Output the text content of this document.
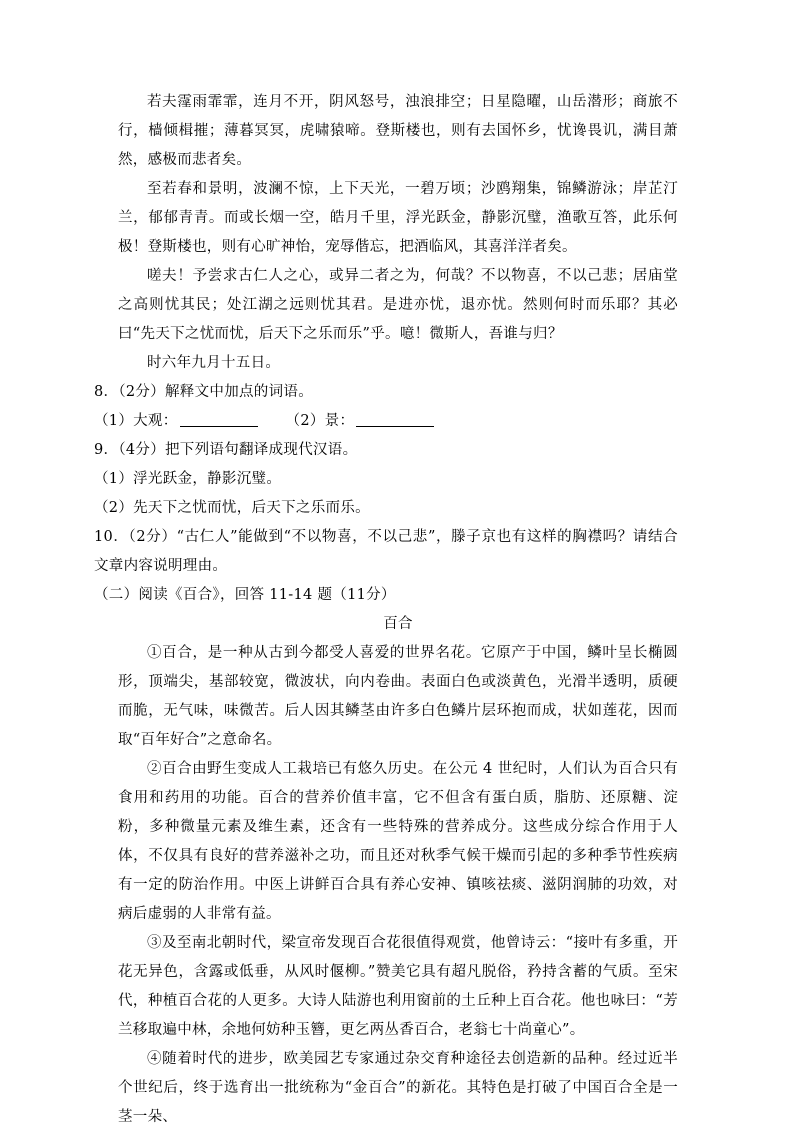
若夫霪雨霏霏，连月不开，阴风怒号，浊浪排空；日星隐曜，山岳潜形；商旅不行，樯倾楫摧；薄暮冥冥，虎啸猿啼。登斯楼也，则有去国怀乡，忧谗畏讥，满目萧然，感极而悲者矣。

至若春和景明，波澜不惊，上下天光，一碧万顷；沙鸥翔集，锦鳞游泳；岸芷汀兰，郁郁青青。而或长烟一空，皓月千里，浮光跃金，静影沉璧，渔歌互答，此乐何极！登斯楼也，则有心旷神怡，宠辱偕忘，把酒临风，其喜洋洋者矣。

嗟夫！予尝求古仁人之心，或异二者之为，何哉？不以物喜，不以己悲；居庙堂之高则忧其民；处江湖之远则忧其君。是进亦忧，退亦忧。然则何时而乐耶？其必曰“先天下之忧而忧，后天下之乐而乐”乎。噫！微斯人，吾谁与归？

时六年九月十五日。

8．（2分）解释文中加点的词语。

（1）大观：	（2）景：

9．（4分）把下列语句翻译成现代汉语。

（1）浮光跃金，静影沉璧。

（2）先天下之忧而忧，后天下之乐而乐。

10．（2分）“古仁人”能做到“不以物喜，不以己悲”，滕子京也有这样的胸襟吗？请结合文章内容说明理由。

（二）阅读《百合》，回答 11-14 题（11分）

百合

①百合，是一种从古到今都受人喜爱的世界名花。它原产于中国，鳞叶呈长椭圆形，顶端尖，基部较宽，微波状，向内卷曲。表面白色或淡黄色，光滑半透明，质硬而脆，无气味，味微苦。后人因其鳞茎由许多白色鳞片层环抱而成，状如莲花，因而取“百年好合”之意命名。

②百合由野生变成人工栽培已有悠久历史。在公元 4 世纪时，人们认为百合只有食用和药用的功能。百合的营养价值丰富，它不但含有蛋白质，脂肪、还原糖、淀粉，多种微量元素及维生素，还含有一些特殊的营养成分。这些成分综合作用于人体，不仅具有良好的营养滋补之功，而且还对秋季气候干燥而引起的多种季节性疾病有一定的防治作用。中医上讲鲜百合具有养心安神、镇咳祛痰、滋阴润肺的功效，对病后虚弱的人非常有益。

③及至南北朝时代，梁宣帝发现百合花很值得观赏，他曾诗云：“接叶有多重，开花无异色，含露或低垂，从风时偃柳。”赞美它具有超凡脱俗，矜持含蓄的气质。至宋代，种植百合花的人更多。大诗人陆游也利用窗前的土丘种上百合花。他也咏曰：“芳兰移取遍中林，余地何妨种玉簪，更乞两丛香百合，老翁七十尚童心”。

④随着时代的进步，欧美园艺专家通过杂交育种途径去创造新的品种。经过近半个世纪后，终于选育出一批统称为“金百合”的新花。其特色是打破了中国百合全是一茎一朵、
